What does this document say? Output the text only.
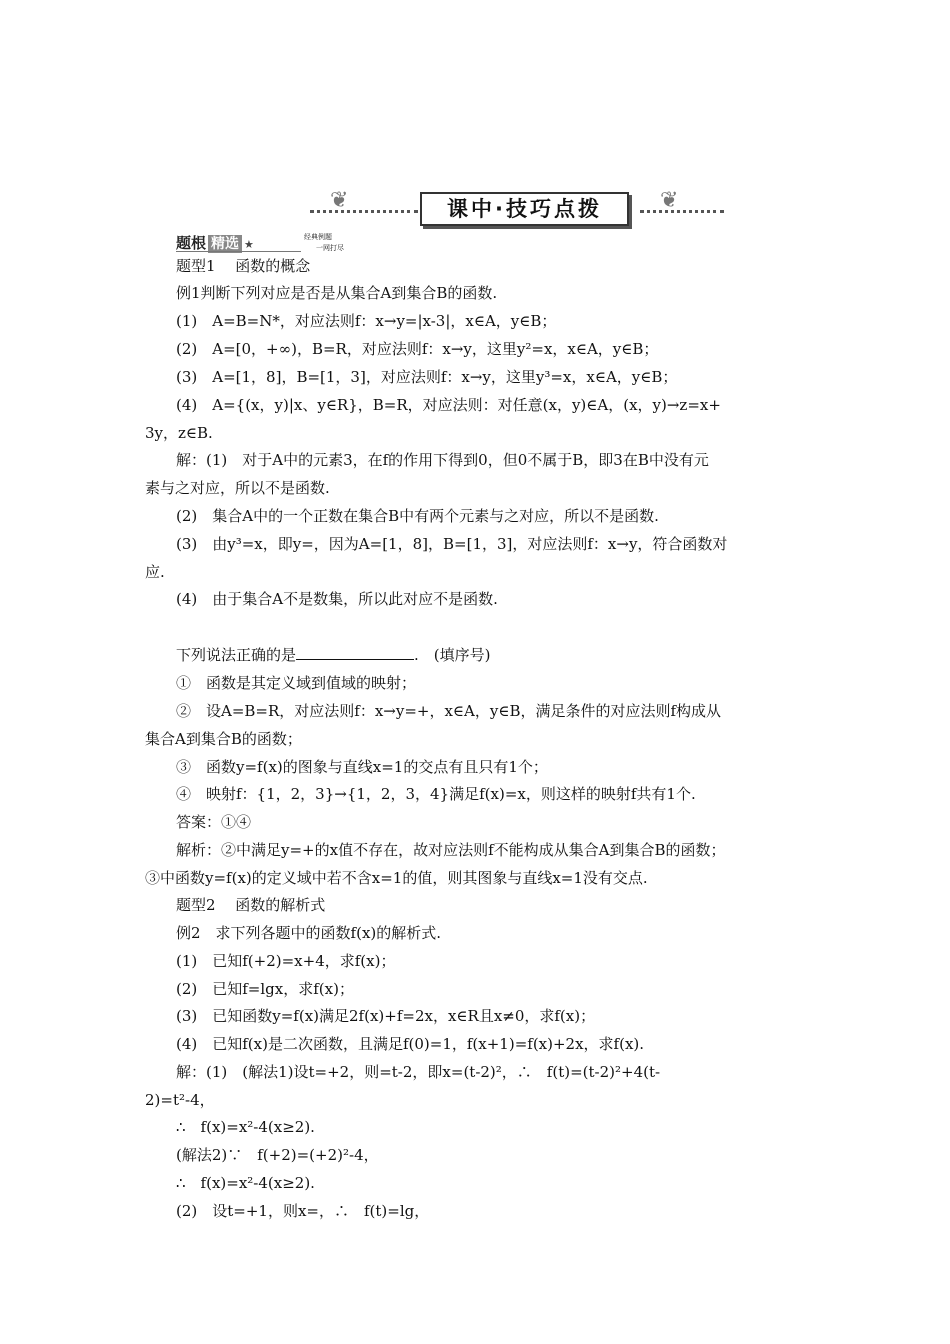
❦	课中·技巧点拨	❦
题根 精选 ★
经典例题
一网打尽
题型1　 函数的概念
例1判断下列对应是否是从集合A到集合B的函数.
(1)　A=B=N*，对应法则f：x→y=|x-3|，x∈A，y∈B；
(2)　A=[0，+∞)，B=R，对应法则f：x→y，这里y²=x，x∈A，y∈B；
(3)　A=[1，8]，B=[1，3]，对应法则f：x→y，这里y³=x，x∈A，y∈B；
(4)　A={(x，y)|x、y∈R}，B=R，对应法则：对任意(x，y)∈A，(x，y)→z=x+
3y，z∈B.
解：(1)　对于A中的元素3，在f的作用下得到0，但0不属于B，即3在B中没有元
素与之对应，所以不是函数.
(2)　集合A中的一个正数在集合B中有两个元素与之对应，所以不是函数.
(3)　由y³=x，即y=，因为A=[1，8]，B=[1，3]，对应法则f：x→y，符合函数对
应.
(4)　由于集合A不是数集，所以此对应不是函数.
下列说法正确的是	.　(填序号)
①　函数是其定义域到值域的映射；
②　设A=B=R，对应法则f：x→y=+，x∈A，y∈B，满足条件的对应法则f构成从
集合A到集合B的函数；
③　函数y=f(x)的图象与直线x=1的交点有且只有1个；
④　映射f：{1，2，3}→{1，2，3，4}满足f(x)=x，则这样的映射f共有1个.
答案：①④
解析：②中满足y=+的x值不存在，故对应法则f不能构成从集合A到集合B的函数；
③中函数y=f(x)的定义域中若不含x=1的值，则其图象与直线x=1没有交点.
题型2　 函数的解析式
例2　求下列各题中的函数f(x)的解析式.
(1)　已知f(+2)=x+4，求f(x)；
(2)　已知f=lgx，求f(x)；
(3)　已知函数y=f(x)满足2f(x)+f=2x，x∈R且x≠0，求f(x)；
(4)　已知f(x)是二次函数，且满足f(0)=1，f(x+1)=f(x)+2x，求f(x).
解：(1)　(解法1)设t=+2，则=t-2，即x=(t-2)²，∴　f(t)=(t-2)²+4(t-
2)=t²-4，
∴　f(x)=x²-4(x≥2).
(解法2)∵　f(+2)=(+2)²-4，
∴　f(x)=x²-4(x≥2).
(2)　设t=+1，则x=，∴　f(t)=lg，
